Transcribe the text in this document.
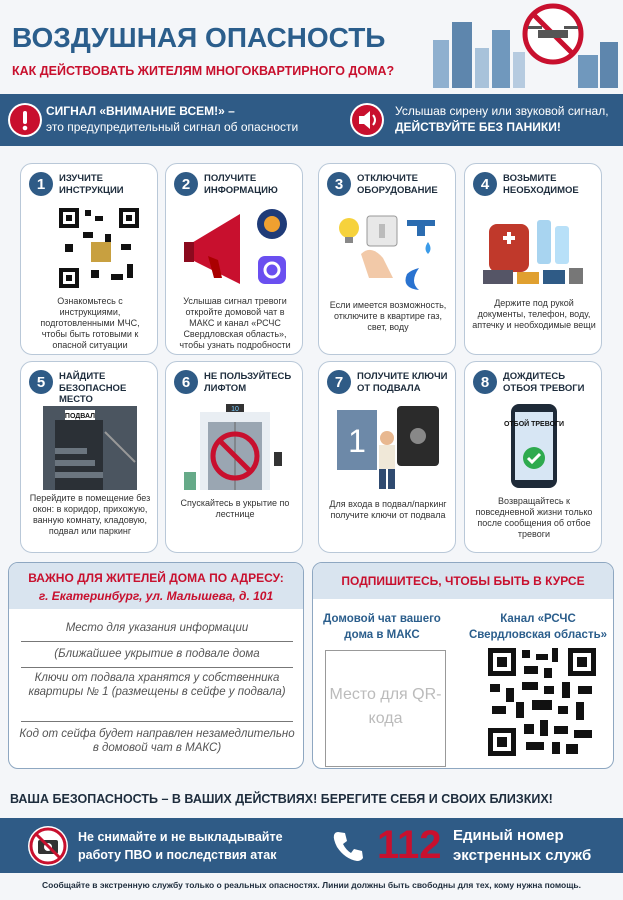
ВОЗДУШНАЯ ОПАСНОСТЬ
КАК ДЕЙСТВОВАТЬ ЖИТЕЛЯМ МНОГОКВАРТИРНОГО ДОМА?
СИГНАЛ «ВНИМАНИЕ ВСЕМ!» –
это предупредительный сигнал об опасности
Услышав сирену или звуковой сигнал,
ДЕЙСТВУЙТЕ БЕЗ ПАНИКИ!
1	ИЗУЧИТЕ ИНСТРУКЦИИ
Ознакомьтесь с инструкциями, подготовленными МЧС, чтобы быть готовыми к опасной ситуации
2	ПОЛУЧИТЕ ИНФОРМАЦИЮ
Услышав сигнал тревоги откройте домовой чат в МАКС и канал «РСЧС Свердловская область», чтобы узнать подробности
3	ОТКЛЮЧИТЕ ОБОРУДОВАНИЕ
Если имеется возможность, отключите в квартире газ, свет, воду
4	ВОЗЬМИТЕ НЕОБХОДИМОЕ
Держите под рукой документы, телефон, воду, аптечку и необходимые вещи
5	НАЙДИТЕ БЕЗОПАСНОЕ МЕСТО
ПОДВАЛ
Перейдите в помещение без окон: в коридор, прихожую, ванную комнату, кладовую, подвал или паркинг
6	НЕ ПОЛЬЗУЙТЕСЬ ЛИФТОМ
10
Спускайтесь в укрытие по лестнице
7	ПОЛУЧИТЕ КЛЮЧИ ОТ ПОДВАЛА
1
Для входа в подвал/паркинг получите ключи от подвала
8	ДОЖДИТЕСЬ ОТБОЯ ТРЕВОГИ
ОТБОЙ ТРЕВОГИ
Возвращайтесь к повседневной жизни только после сообщения об отбое тревоги
ВАЖНО ДЛЯ ЖИТЕЛЕЙ ДОМА ПО АДРЕСУ:
г. Екатеринбург, ул. Малышева, д. 101
Место для указания информации
(Ближайшее укрытие в подвале дома
Ключи от подвала хранятся у собственника квартиры № 1 (размещены в сейфе у подвала)
Код от сейфа будет направлен незамедлительно в домовой чат в МАКС)
ПОДПИШИТЕСЬ, ЧТОБЫ БЫТЬ В КУРСЕ
Домовой чат вашего дома в МАКС
Канал «РСЧС Свердловская область»
Место для QR-кода
ВАША БЕЗОПАСНОСТЬ – В ВАШИХ ДЕЙСТВИЯХ! БЕРЕГИТЕ СЕБЯ И СВОИХ БЛИЗКИХ!
Не снимайте и не выкладывайте
работу ПВО и последствия атак	112 Единый номер
экстренных служб
Сообщайте в экстренную службу только о реальных опасностях. Линии должны быть свободны для тех, кому нужна помощь.
